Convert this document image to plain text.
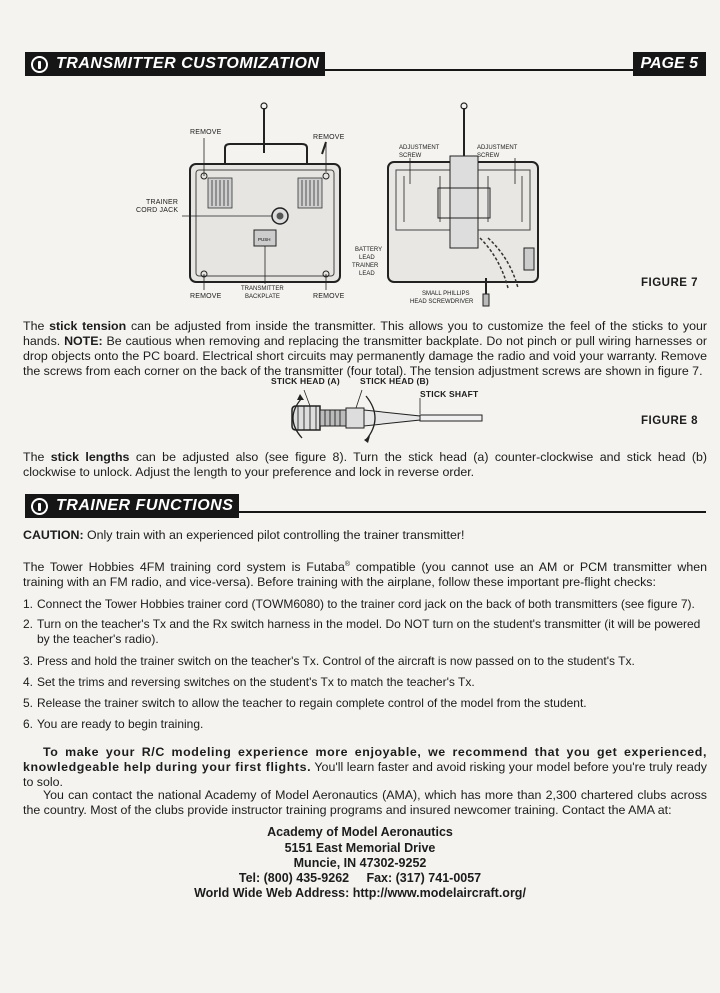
TRANSMITTER CUSTOMIZATION	PAGE 5
PUSH
REMOVE
REMOVE
TRAINER
CORD JACK
BATTERY
LEAD
TRAINER
LEAD
TRANSMITTER
BACKPLATE
REMOVE	REMOVE
ADJUSTMENT
SCREW
ADJUSTMENT
SCREW
SMALL PHILLIPS
HEAD SCREWDRIVER
FIGURE 7

The stick tension can be adjusted from inside the transmitter. This allows you to customize the feel of the sticks to your hands. NOTE: Be cautious when removing and replacing the transmitter backplate. Do not pinch or pull wiring harnesses or drop objects onto the PC board. Electrical short circuits may permanently damage the radio and void your warranty. Remove the screws from each corner on the back of the transmitter (four total). The tension adjustment screws are shown in figure 7.

STICK HEAD (A) STICK HEAD (B)
STICK SHAFT
FIGURE 8

The stick lengths can be adjusted also (see figure 8). Turn the stick head (a) counter-clockwise and stick head (b) clockwise to unlock. Adjust the length to your preference and lock in reverse order.

TRAINER FUNCTIONS

CAUTION: Only train with an experienced pilot controlling the trainer transmitter!

The Tower Hobbies 4FM training cord system is Futaba® compatible (you cannot use an AM or PCM transmitter when training with an FM radio, and vice-versa). Before training with the airplane, follow these important pre-flight checks:

1. Connect the Tower Hobbies trainer cord (TOWM6080) to the trainer cord jack on the back of both transmitters (see figure 7).
2. Turn on the teacher's Tx and the Rx switch harness in the model. Do NOT turn on the student's transmitter (it will be powered by the teacher's radio).
3. Press and hold the trainer switch on the teacher's Tx. Control of the aircraft is now passed on to the student's Tx.
4. Set the trims and reversing switches on the student's Tx to match the teacher's Tx.
5. Release the trainer switch to allow the teacher to regain complete control of the model from the student.
6. You are ready to begin training.

To make your R/C modeling experience more enjoyable, we recommend that you get experienced, knowledgeable help during your first flights. You'll learn faster and avoid risking your model before you're truly ready to solo.

You can contact the national Academy of Model Aeronautics (AMA), which has more than 2,300 chartered clubs across the country. Most of the clubs provide instructor training programs and insured newcomer training. Contact the AMA at:

Academy of Model Aeronautics
5151 East Memorial Drive
Muncie, IN 47302-9252
Tel: (800) 435-9262     Fax: (317) 741-0057
World Wide Web Address: http://www.modelaircraft.org/
